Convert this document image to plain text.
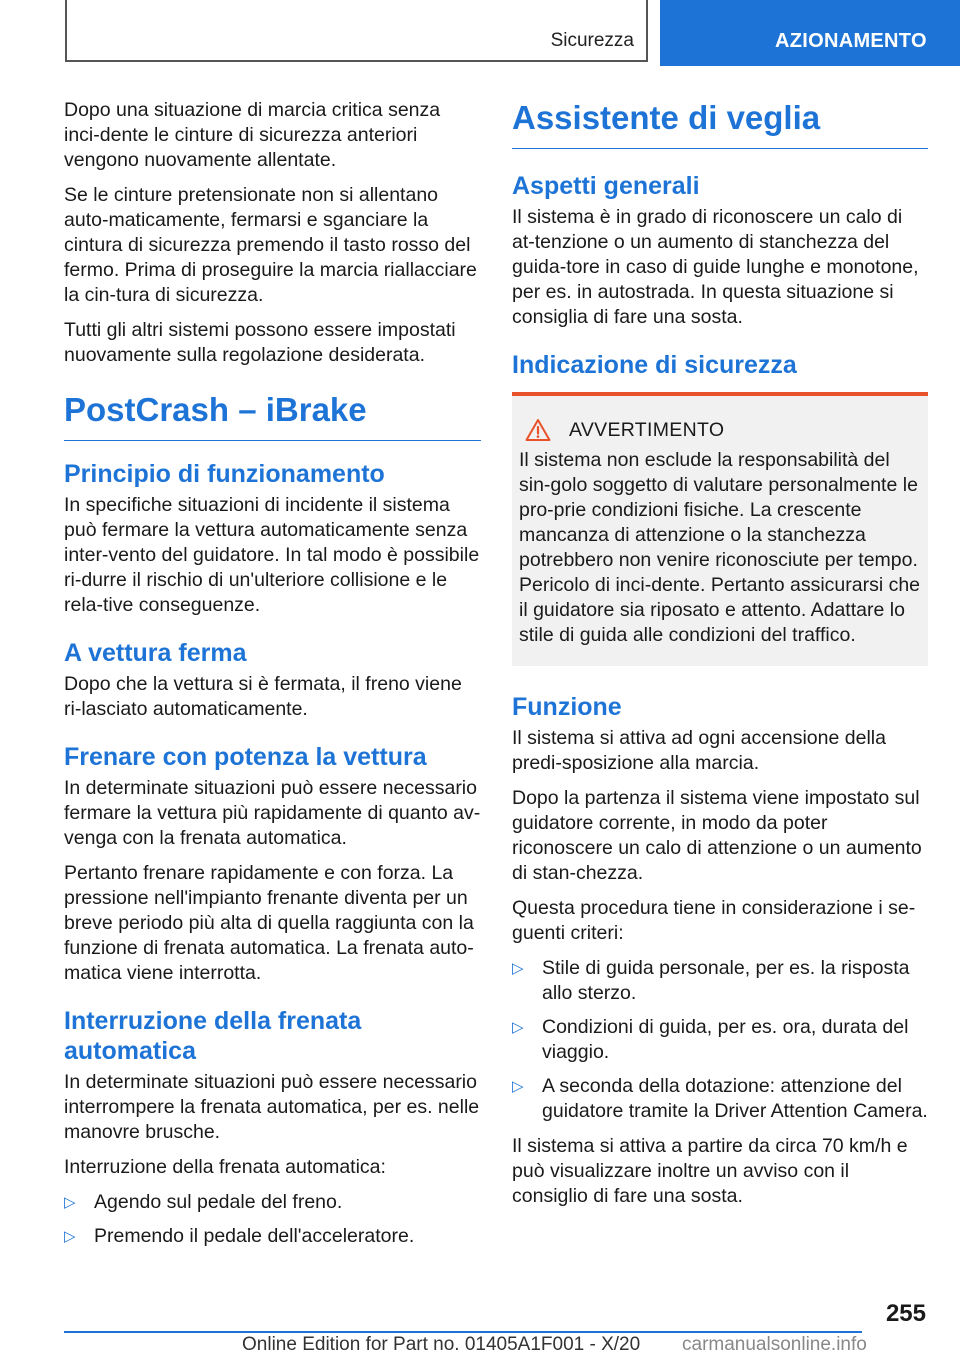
Sicurezza	AZIONAMENTO

Dopo una situazione di marcia critica senza inci-dente le cinture di sicurezza anteriori vengono nuovamente allentate.

Se le cinture pretensionate non si allentano auto-maticamente, fermarsi e sganciare la cintura di sicurezza premendo il tasto rosso del fermo. Prima di proseguire la marcia riallacciare la cin-tura di sicurezza.

Tutti gli altri sistemi possono essere impostati nuovamente sulla regolazione desiderata.

PostCrash – iBrake
Principio di funzionamento

In specifiche situazioni di incidente il sistema può fermare la vettura automaticamente senza inter-vento del guidatore. In tal modo è possibile ri-durre il rischio di un'ulteriore collisione e le rela-tive conseguenze.

A vettura ferma

Dopo che la vettura si è fermata, il freno viene ri-lasciato automaticamente.

Frenare con potenza la vettura

In determinate situazioni può essere necessario fermare la vettura più rapidamente di quanto av-venga con la frenata automatica.

Pertanto frenare rapidamente e con forza. La pressione nell'impianto frenante diventa per un breve periodo più alta di quella raggiunta con la funzione di frenata automatica. La frenata auto-matica viene interrotta.

Interruzione della frenata automatica

In determinate situazioni può essere necessario interrompere la frenata automatica, per es. nelle manovre brusche.

Interruzione della frenata automatica:

▷ Agendo sul pedale del freno.
▷ Premendo il pedale dell'acceleratore.
Assistente di veglia
Aspetti generali

Il sistema è in grado di riconoscere un calo di at-tenzione o un aumento di stanchezza del guida-tore in caso di guide lunghe e monotone, per es. in autostrada. In questa situazione si consiglia di fare una sosta.

Indicazione di sicurezza
AVVERTIMENTO

Il sistema non esclude la responsabilità del sin-golo soggetto di valutare personalmente le pro-prie condizioni fisiche. La crescente mancanza di attenzione o la stanchezza potrebbero non venire riconosciute per tempo. Pericolo di inci-dente. Pertanto assicurarsi che il guidatore sia riposato e attento. Adattare lo stile di guida alle condizioni del traffico.

Funzione

Il sistema si attiva ad ogni accensione della predi-sposizione alla marcia.

Dopo la partenza il sistema viene impostato sul guidatore corrente, in modo da poter riconoscere un calo di attenzione o un aumento di stan-chezza.

Questa procedura tiene in considerazione i se-guenti criteri:

▷ Stile di guida personale, per es. la risposta allo sterzo.
▷ Condizioni di guida, per es. ora, durata del viaggio.
▷ A seconda della dotazione: attenzione del guidatore tramite la Driver Attention Camera.

Il sistema si attiva a partire da circa 70 km/h e può visualizzare inoltre un avviso con il consiglio di fare una sosta.

255
Online Edition for Part no. 01405A1F001 - X/20 carmanualsonline.info
